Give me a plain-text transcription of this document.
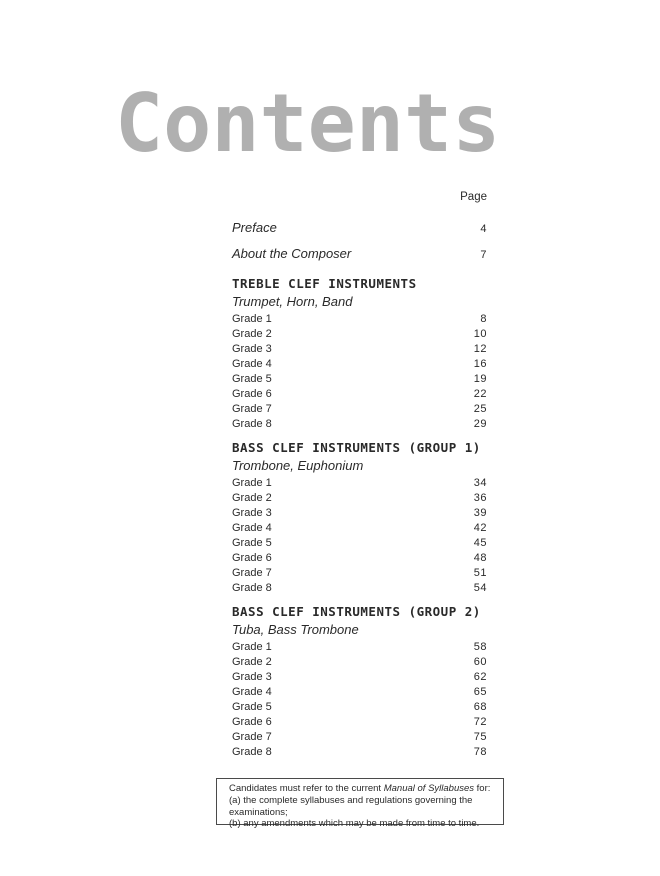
Contents
Page
Preface	4
About the Composer	7
TREBLE CLEF INSTRUMENTS
Trumpet, Horn, Band
Grade 1	8
Grade 2	10
Grade 3	12
Grade 4	16
Grade 5	19
Grade 6	22
Grade 7	25
Grade 8	29
BASS CLEF INSTRUMENTS (GROUP 1)
Trombone, Euphonium
Grade 1	34
Grade 2	36
Grade 3	39
Grade 4	42
Grade 5	45
Grade 6	48
Grade 7	51
Grade 8	54
BASS CLEF INSTRUMENTS (GROUP 2)
Tuba, Bass Trombone
Grade 1	58
Grade 2	60
Grade 3	62
Grade 4	65
Grade 5	68
Grade 6	72
Grade 7	75
Grade 8	78
Candidates must refer to the current Manual of Syllabuses for:
(a) the complete syllabuses and regulations governing the examinations;
(b) any amendments which may be made from time to time.
